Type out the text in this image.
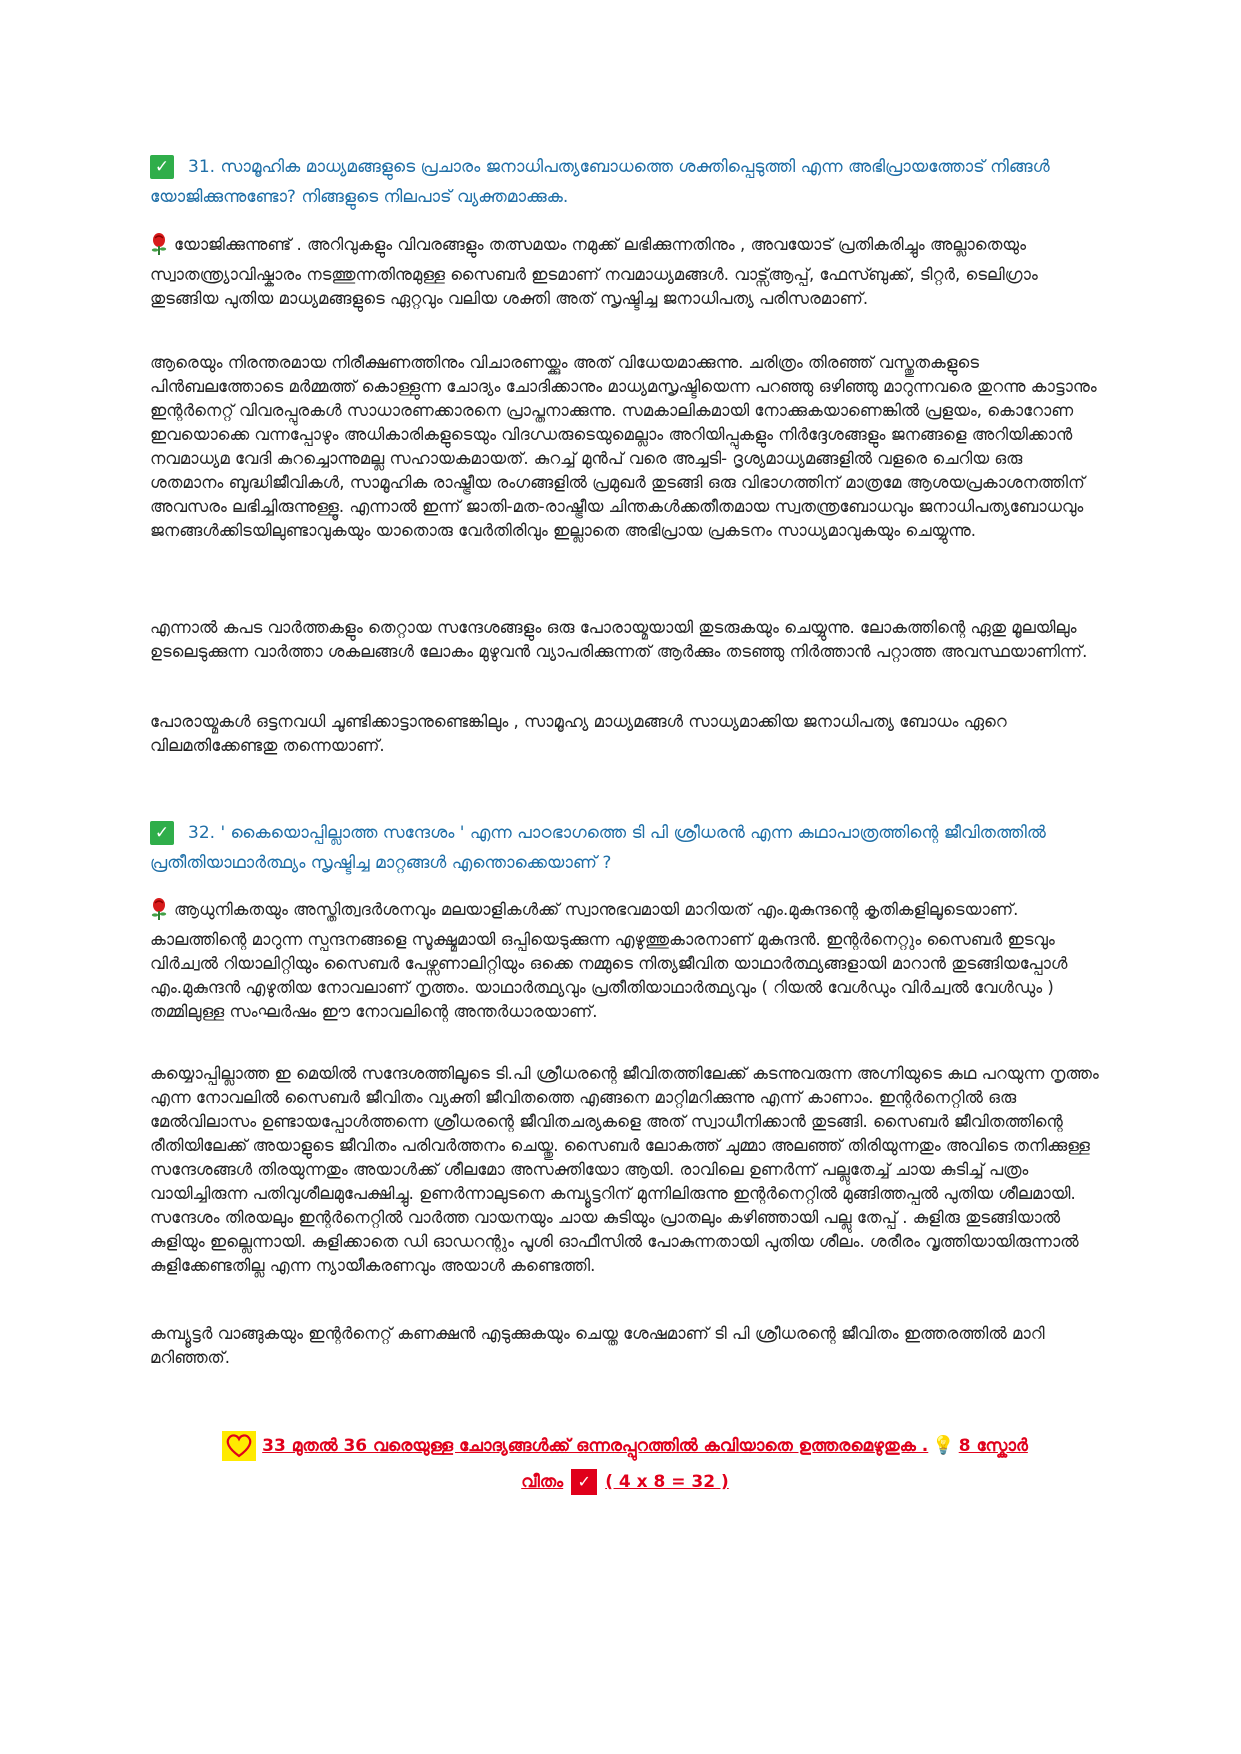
✓ 31. സാമൂഹിക മാധ്യമങ്ങളുടെ പ്രചാരം ജനാധിപത്യബോധത്തെ ശക്തിപ്പെടുത്തി എന്ന അഭിപ്രായത്തോട് നിങ്ങൾ യോജിക്കുന്നുണ്ടോ? നിങ്ങളുടെ നിലപാട് വ്യക്തമാക്കുക.

യോജിക്കുന്നുണ്ട് . അറിവുകളും വിവരങ്ങളും തത്സമയം നമുക്ക് ലഭിക്കുന്നതിനും , അവയോട് പ്രതികരിച്ചും അല്ലാതെയും സ്വാതന്ത്ര്യാവിഷ്കാരം നടത്തുന്നതിനുമുള്ള സൈബർ ഇടമാണ് നവമാധ്യമങ്ങൾ. വാട്സ്ആപ്പ്, ഫേസ്ബുക്ക്, ടിറ്റർ, ടെലിഗ്രാം തുടങ്ങിയ പുതിയ മാധ്യമങ്ങളുടെ ഏറ്റവും വലിയ ശക്തി അത് സൃഷ്ടിച്ച ജനാധിപത്യ പരിസരമാണ്.

ആരെയും നിരന്തരമായ നിരീക്ഷണത്തിനും വിചാരണയ്ക്കും അത് വിധേയമാക്കുന്നു. ചരിത്രം തിരഞ്ഞ് വസ്തുതകളുടെ പിൻബലത്തോടെ മർമ്മത്ത് കൊള്ളുന്ന ചോദ്യം ചോദിക്കാനും മാധ്യമസൃഷ്ടിയെന്ന പറഞ്ഞു ഒഴിഞ്ഞു മാറുന്നവരെ തുറന്നു കാട്ടാനും ഇന്റർനെറ്റ് വിവരപ്പുരകൾ സാധാരണക്കാരനെ പ്രാപ്തനാക്കുന്നു. സമകാലികമായി നോക്കുകയാണെങ്കിൽ പ്രളയം, കൊറോണ ഇവയൊക്കെ വന്നപ്പോഴും അധികാരികളുടെയും വിദഗ്ധരുടെയുമെല്ലാം അറിയിപ്പുകളും നിർദ്ദേശങ്ങളും ജനങ്ങളെ അറിയിക്കാൻ നവമാധ്യമ വേദി കുറച്ചൊന്നുമല്ല സഹായകമായത്. കുറച്ച് മുൻപ് വരെ അച്ചടി- ദൃശ്യമാധ്യമങ്ങളിൽ വളരെ ചെറിയ ഒരു ശതമാനം ബുദ്ധിജീവികൾ, സാമൂഹിക രാഷ്ട്രീയ രംഗങ്ങളിൽ പ്രമുഖർ തുടങ്ങി ഒരു വിഭാഗത്തിന് മാത്രമേ ആശയപ്രകാശനത്തിന് അവസരം ലഭിച്ചിരുന്നുള്ളൂ. എന്നാൽ ഇന്ന് ജാതി-മത-രാഷ്ട്രീയ ചിന്തകൾക്കതീതമായ സ്വതന്ത്രബോധവും ജനാധിപത്യബോധവും ജനങ്ങൾക്കിടയിലുണ്ടാവുകയും യാതൊരു വേർതിരിവും ഇല്ലാതെ അഭിപ്രായ പ്രകടനം സാധ്യമാവുകയും ചെയ്യുന്നു.

എന്നാൽ കപട വാർത്തകളും തെറ്റായ സന്ദേശങ്ങളും ഒരു പോരായ്മയായി തുടരുകയും ചെയ്യുന്നു. ലോകത്തിന്റെ ഏതു മൂലയിലും ഉടലെടുക്കുന്ന വാർത്താ ശകലങ്ങൾ ലോകം മുഴുവൻ വ്യാപരിക്കുന്നത് ആർക്കും തടഞ്ഞു നിർത്താൻ പറ്റാത്ത അവസ്ഥയാണിന്ന്.

പോരായ്മകൾ ഒട്ടനവധി ചൂണ്ടിക്കാട്ടാനുണ്ടെങ്കിലും , സാമൂഹ്യ മാധ്യമങ്ങൾ സാധ്യമാക്കിയ ജനാധിപത്യ ബോധം ഏറെ വിലമതിക്കേണ്ടതു തന്നെയാണ്.

✓ 32. ' കൈയൊപ്പില്ലാത്ത സന്ദേശം ' എന്ന പാഠഭാഗത്തെ ടി പി ശ്രീധരൻ എന്ന കഥാപാത്രത്തിന്റെ ജീവിതത്തിൽ പ്രതീതിയാഥാർത്ഥ്യം സൃഷ്ടിച്ച മാറ്റങ്ങൾ എന്തൊക്കെയാണ് ?

ആധുനികതയും അസ്തിത്വദർശനവും മലയാളികൾക്ക് സ്വാനുഭവമായി മാറിയത് എം.മുകുന്ദന്റെ കൃതികളിലൂടെയാണ്. കാലത്തിന്റെ മാറുന്ന സ്പന്ദനങ്ങളെ സൂക്ഷ്മമായി ഒപ്പിയെടുക്കുന്ന എഴുത്തുകാരനാണ് മുകുന്ദൻ. ഇന്റർനെറ്റും സൈബർ ഇടവും വിർച്വൽ റിയാലിറ്റിയും സൈബർ പേഴ്സണാലിറ്റിയും ഒക്കെ നമ്മുടെ നിത്യജീവിത യാഥാർത്ഥ്യങ്ങളായി മാറാൻ തുടങ്ങിയപ്പോൾ എം.മുകുന്ദൻ എഴുതിയ നോവലാണ് നൃത്തം. യാഥാർത്ഥ്യവും പ്രതീതിയാഥാർത്ഥ്യവും ( റിയൽ വേൾഡും വിർച്വൽ വേൾഡും ) തമ്മിലുള്ള സംഘർഷം ഈ നോവലിന്റെ അന്തർധാരയാണ്.

കയ്യൊപ്പില്ലാത്ത ഇ മെയിൽ സന്ദേശത്തിലൂടെ ടി.പി ശ്രീധരന്റെ ജീവിതത്തിലേക്ക് കടന്നുവരുന്ന അഗ്നിയുടെ കഥ പറയുന്ന നൃത്തം എന്ന നോവലിൽ സൈബർ ജീവിതം വ്യക്തി ജീവിതത്തെ എങ്ങനെ മാറ്റിമറിക്കുന്നു എന്ന് കാണാം. ഇന്റർനെറ്റിൽ ഒരു മേൽവിലാസം ഉണ്ടായപ്പോൾത്തന്നെ ശ്രീധരന്റെ ജീവിതചര്യകളെ അത് സ്വാധീനിക്കാൻ തുടങ്ങി. സൈബർ ജീവിതത്തിന്റെ രീതിയിലേക്ക് അയാളുടെ ജീവിതം പരിവർത്തനം ചെയ്തു. സൈബർ ലോകത്ത് ചുമ്മാ അലഞ്ഞ് തിരിയുന്നതും അവിടെ തനിക്കുള്ള സന്ദേശങ്ങൾ തിരയുന്നതും അയാൾക്ക് ശീലമോ അസക്തിയോ ആയി. രാവിലെ ഉണർന്ന് പല്ലുതേച്ച് ചായ കുടിച്ച് പത്രം വായിച്ചിരുന്ന പതിവുശീലമുപേക്ഷിച്ചു. ഉണർന്നാലുടനെ കമ്പ്യൂട്ടറിന് മുന്നിലിരുന്നു ഇന്റർനെറ്റിൽ മുങ്ങിത്തപ്പൽ പുതിയ ശീലമായി. സന്ദേശം തിരയലും ഇന്റർനെറ്റിൽ വാർത്ത വായനയും ചായ കുടിയും പ്രാതലും കഴിഞ്ഞായി പല്ലു തേപ്പ് . കുളിരു തുടങ്ങിയാൽ കുളിയും ഇല്ലെന്നായി. കുളിക്കാതെ ഡി ഓഡറന്റും പൂശി ഓഫീസിൽ പോകുന്നതായി പുതിയ ശീലം. ശരീരം വൃത്തിയായിരുന്നാൽ കുളിക്കേണ്ടതില്ല എന്ന ന്യായീകരണവും അയാൾ കണ്ടെത്തി.

കമ്പ്യൂട്ടർ വാങ്ങുകയും ഇന്റർനെറ്റ് കണക്ഷൻ എടുക്കുകയും ചെയ്ത ശേഷമാണ് ടി പി ശ്രീധരന്റെ ജീവിതം ഇത്തരത്തിൽ മാറി മറിഞ്ഞത്.

33 മുതൽ 36 വരെയുള്ള ചോദ്യങ്ങൾക്ക് ഒന്നരപ്പുറത്തിൽ കവിയാതെ ഉത്തരമെഴുതുക . 💡 8 സ്കോർ
വീതം ✓ ( 4 x 8 = 32 )
